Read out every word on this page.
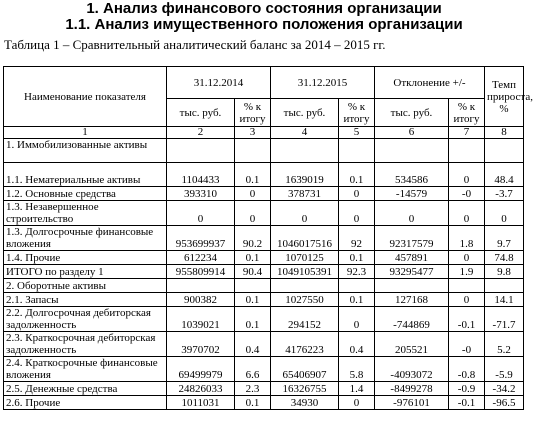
1. Анализ финансового состояния организации
1.1. Анализ имущественного положения организации
Таблица 1 – Сравнительный аналитический баланс за 2014 – 2015 гг.
Наименование показателя	31.12.2014		31.12.2015		Отклонение +/-		Темп прироста, %
	тыс. руб.	% к итогу	тыс. руб.	% к итогу	тыс. руб.	% к итогу	
1	2	3	4	5	6	7	8
1. Иммобилизованные активы							
1.1. Нематериальные активы	1104433	0.1	1639019	0.1	534586	0	48.4
1.2. Основные средства	393310	0	378731	0	-14579	-0	-3.7
1.3. Незавершенное строительство	0	0	0	0	0	0	0
1.3. Долгосрочные финансовые вложения	953699937	90.2	1046017516	92	92317579	1.8	9.7
1.4. Прочие	612234	0.1	1070125	0.1	457891	0	74.8
ИТОГО по разделу 1	955809914	90.4	1049105391	92.3	93295477	1.9	9.8
2. Оборотные активы							
2.1. Запасы	900382	0.1	1027550	0.1	127168	0	14.1
2.2. Долгосрочная дебиторская задолженность	1039021	0.1	294152	0	-744869	-0.1	-71.7
2.3. Краткосрочная дебиторская задолженность	3970702	0.4	4176223	0.4	205521	-0	5.2
2.4. Краткосрочные финансовые вложения	69499979	6.6	65406907	5.8	-4093072	-0.8	-5.9
2.5. Денежные средства	24826033	2.3	16326755	1.4	-8499278	-0.9	-34.2
2.6. Прочие	1011031	0.1	34930	0	-976101	-0.1	-96.5
